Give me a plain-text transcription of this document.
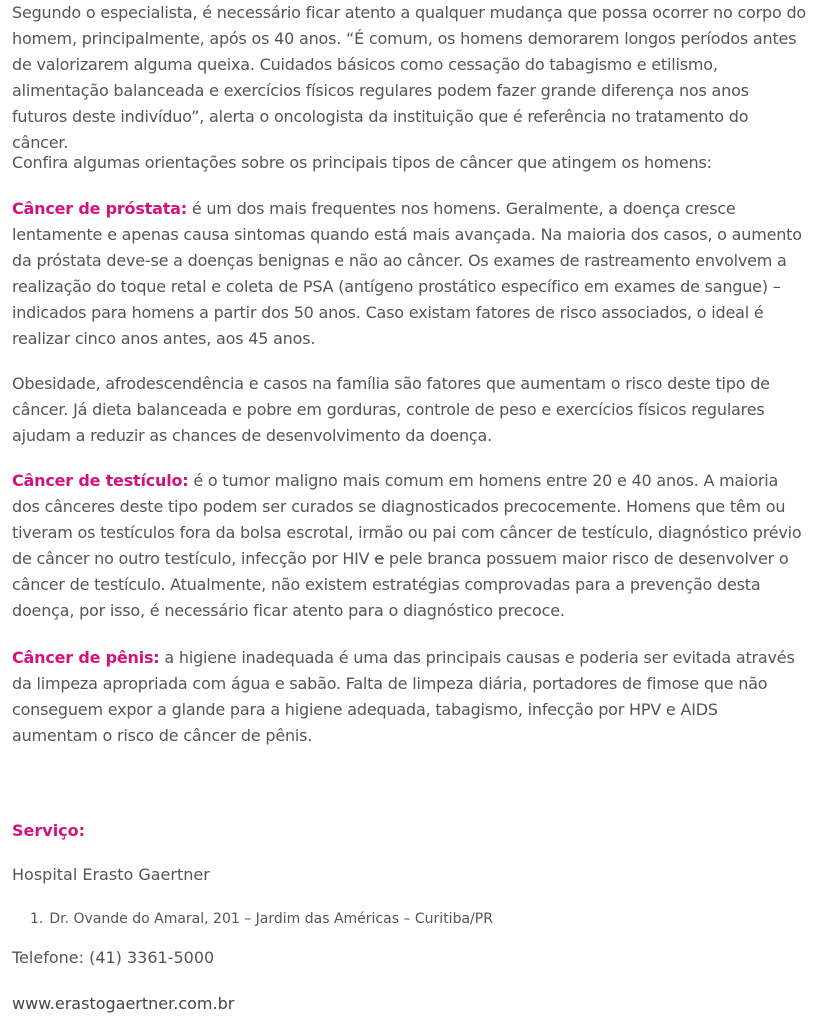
Segundo o especialista, é necessário ficar atento a qualquer mudança que possa ocorrer no corpo do homem, principalmente, após os 40 anos. “É comum, os homens demorarem longos períodos antes de valorizarem alguma queixa. Cuidados básicos como cessação do tabagismo e etilismo, alimentação balanceada e exercícios físicos regulares podem fazer grande diferença nos anos futuros deste indivíduo”, alerta o oncologista da instituição que é referência no tratamento do câncer.

Confira algumas orientações sobre os principais tipos de câncer que atingem os homens:

Câncer de próstata: é um dos mais frequentes nos homens. Geralmente, a doença cresce lentamente e apenas causa sintomas quando está mais avançada. Na maioria dos casos, o aumento da próstata deve-se a doenças benignas e não ao câncer. Os exames de rastreamento envolvem a realização do toque retal e coleta de PSA (antígeno prostático específico em exames de sangue) – indicados para homens a partir dos 50 anos. Caso existam fatores de risco associados, o ideal é realizar cinco anos antes, aos 45 anos.

Obesidade, afrodescendência e casos na família são fatores que aumentam o risco deste tipo de câncer. Já dieta balanceada e pobre em gorduras, controle de peso e exercícios físicos regulares ajudam a reduzir as chances de desenvolvimento da doença.

Câncer de testículo: é o tumor maligno mais comum em homens entre 20 e 40 anos. A maioria dos cânceres deste tipo podem ser curados se diagnosticados precocemente. Homens que têm ou tiveram os testículos fora da bolsa escrotal, irmão ou pai com câncer de testículo, diagnóstico prévio de câncer no outro testículo, infecção por HIV e pele branca possuem maior risco de desenvolver o câncer de testículo. Atualmente, não existem estratégias comprovadas para a prevenção desta doença, por isso, é necessário ficar atento para o diagnóstico precoce.

Câncer de pênis: a higiene inadequada é uma das principais causas e poderia ser evitada através da limpeza apropriada com água e sabão. Falta de limpeza diária, portadores de fimose que não conseguem expor a glande para a higiene adequada, tabagismo, infecção por HPV e AIDS aumentam o risco de câncer de pênis.

Serviço:
Hospital Erasto Gaertner
1. Dr. Ovande do Amaral, 201 – Jardim das Américas – Curitiba/PR
Telefone: (41) 3361-5000
www.erastogaertner.com.br
